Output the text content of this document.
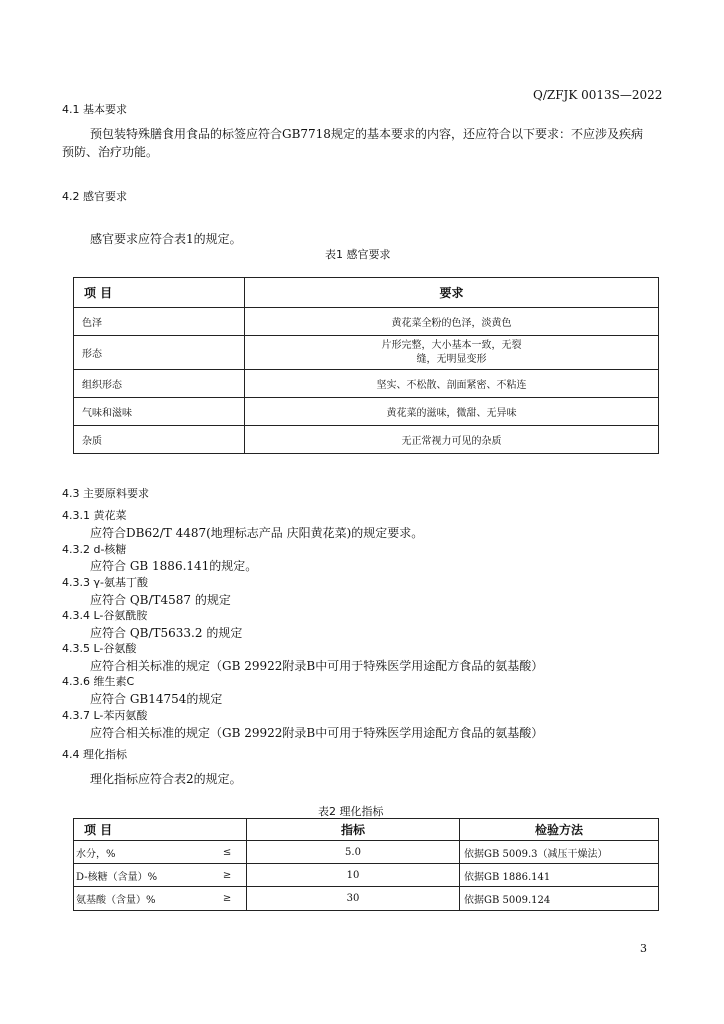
Q/ZFJK 0013S—2022
4.1 基本要求
预包装特殊膳食用食品的标签应符合GB7718规定的基本要求的内容，还应符合以下要求：不应涉及疾病
预防、治疗功能。
4.2 感官要求
感官要求应符合表1的规定。
表1 感官要求
项 目	要求
色泽	黄花菜全粉的色泽，淡黄色
形态	片形完整，大小基本一致，无裂
缝，无明显变形

组织形态	坚实、不松散、剖面紧密、不粘连
气味和滋味	黄花菜的滋味，微甜、无异味
杂质	无正常视力可见的杂质
4.3 主要原料要求
4.3.1 黄花菜
应符合DB62/T 4487(地理标志产品 庆阳黄花菜)的规定要求。
4.3.2 d-核糖
应符合 GB 1886.141的规定。
4.3.3 γ-氨基丁酸
应符合 QB/T4587 的规定
4.3.4 L-谷氨酰胺
应符合 QB/T5633.2 的规定
4.3.5 L-谷氨酸
应符合相关标准的规定（GB 29922附录B中可用于特殊医学用途配方食品的氨基酸）
4.3.6 维生素C
应符合 GB14754的规定
4.3.7 L-苯丙氨酸
应符合相关标准的规定（GB 29922附录B中可用于特殊医学用途配方食品的氨基酸）
4.4 理化指标
理化指标应符合表2的规定。
表2 理化指标
项 目		指标	检验方法
水分，%	≤	5.0	依据GB 5009.3（减压干燥法）
D-核糖（含量）%	≥	10	依据GB 1886.141
氨基酸（含量）%	≥	30	依据GB 5009.124
3
